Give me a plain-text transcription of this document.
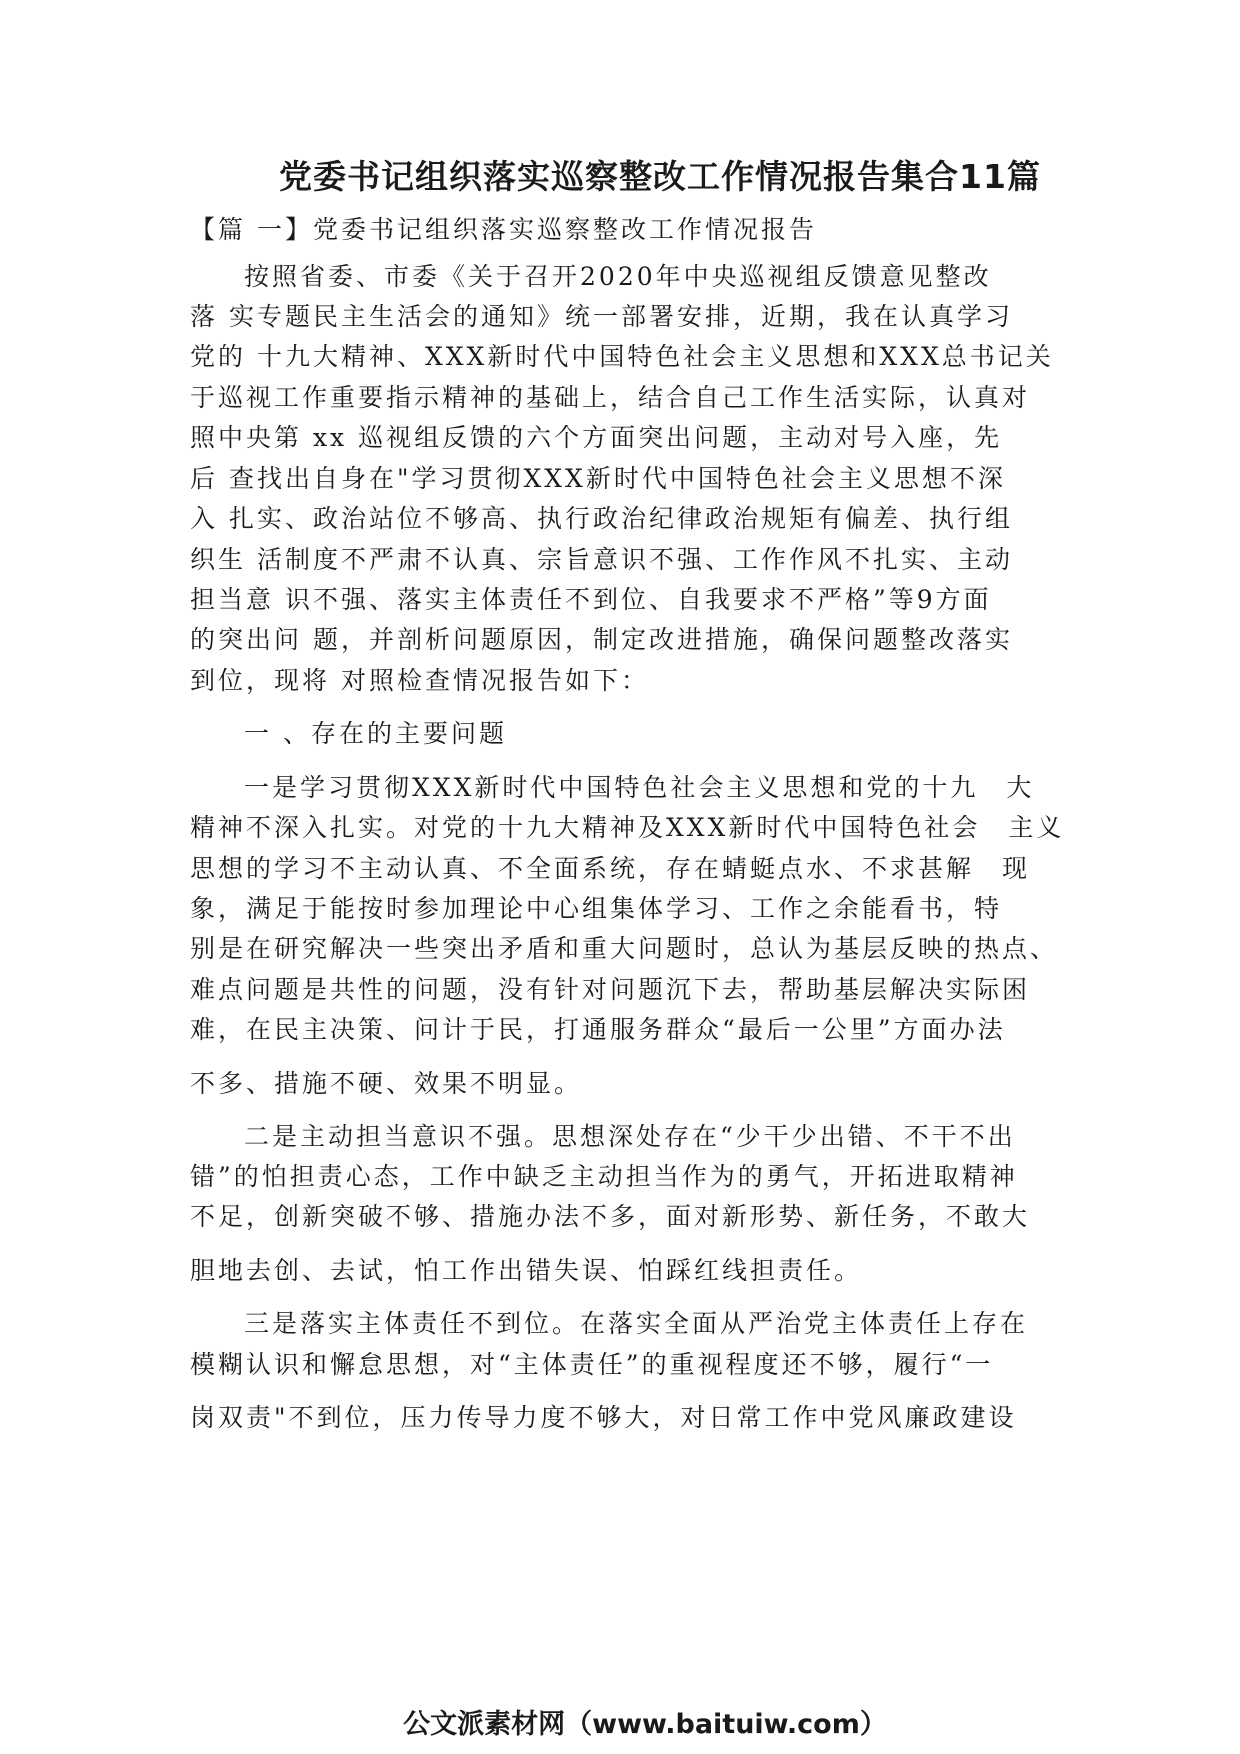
党委书记组织落实巡察整改工作情况报告集合11篇
【篇 一】党委书记组织落实巡察整改工作情况报告
按照省委、市委《关于召开2020年中央巡视组反馈意见整改
落 实专题民主生活会的通知》统一部署安排，近期，我在认真学习
党的 十九大精神、XXX新时代中国特色社会主义思想和XXX总书记关
于巡视工作重要指示精神的基础上，结合自己工作生活实际，认真对
照中央第 xx 巡视组反馈的六个方面突出问题，主动对号入座，先
后 查找出自身在"学习贯彻XXX新时代中国特色社会主义思想不深
入 扎实、政治站位不够高、执行政治纪律政治规矩有偏差、执行组
织生 活制度不严肃不认真、宗旨意识不强、工作作风不扎实、主动
担当意 识不强、落实主体责任不到位、自我要求不严格”等9方面
的突出问 题，并剖析问题原因，制定改进措施，确保问题整改落实
到位，现将 对照检查情况报告如下：
一 、存在的主要问题
一是学习贯彻XXX新时代中国特色社会主义思想和党的十九　大
精神不深入扎实。对党的十九大精神及XXX新时代中国特色社会　主义
思想的学习不主动认真、不全面系统，存在蜻蜓点水、不求甚解　现
象，满足于能按时参加理论中心组集体学习、工作之余能看书，特
别是在研究解决一些突出矛盾和重大问题时，总认为基层反映的热点、
难点问题是共性的问题，没有针对问题沉下去，帮助基层解决实际困
难，在民主决策、问计于民，打通服务群众“最后一公里”方面办法
不多、措施不硬、效果不明显。
二是主动担当意识不强。思想深处存在“少干少出错、不干不出
错”的怕担责心态，工作中缺乏主动担当作为的勇气，开拓进取精神
不足，创新突破不够、措施办法不多，面对新形势、新任务，不敢大
胆地去创、去试，怕工作出错失误、怕踩红线担责任。
三是落实主体责任不到位。在落实全面从严治党主体责任上存在
模糊认识和懈怠思想，对“主体责任”的重视程度还不够，履行“一
岗双责"不到位，压力传导力度不够大，对日常工作中党风廉政建设
公文派素材网（www.baituiw.com）
